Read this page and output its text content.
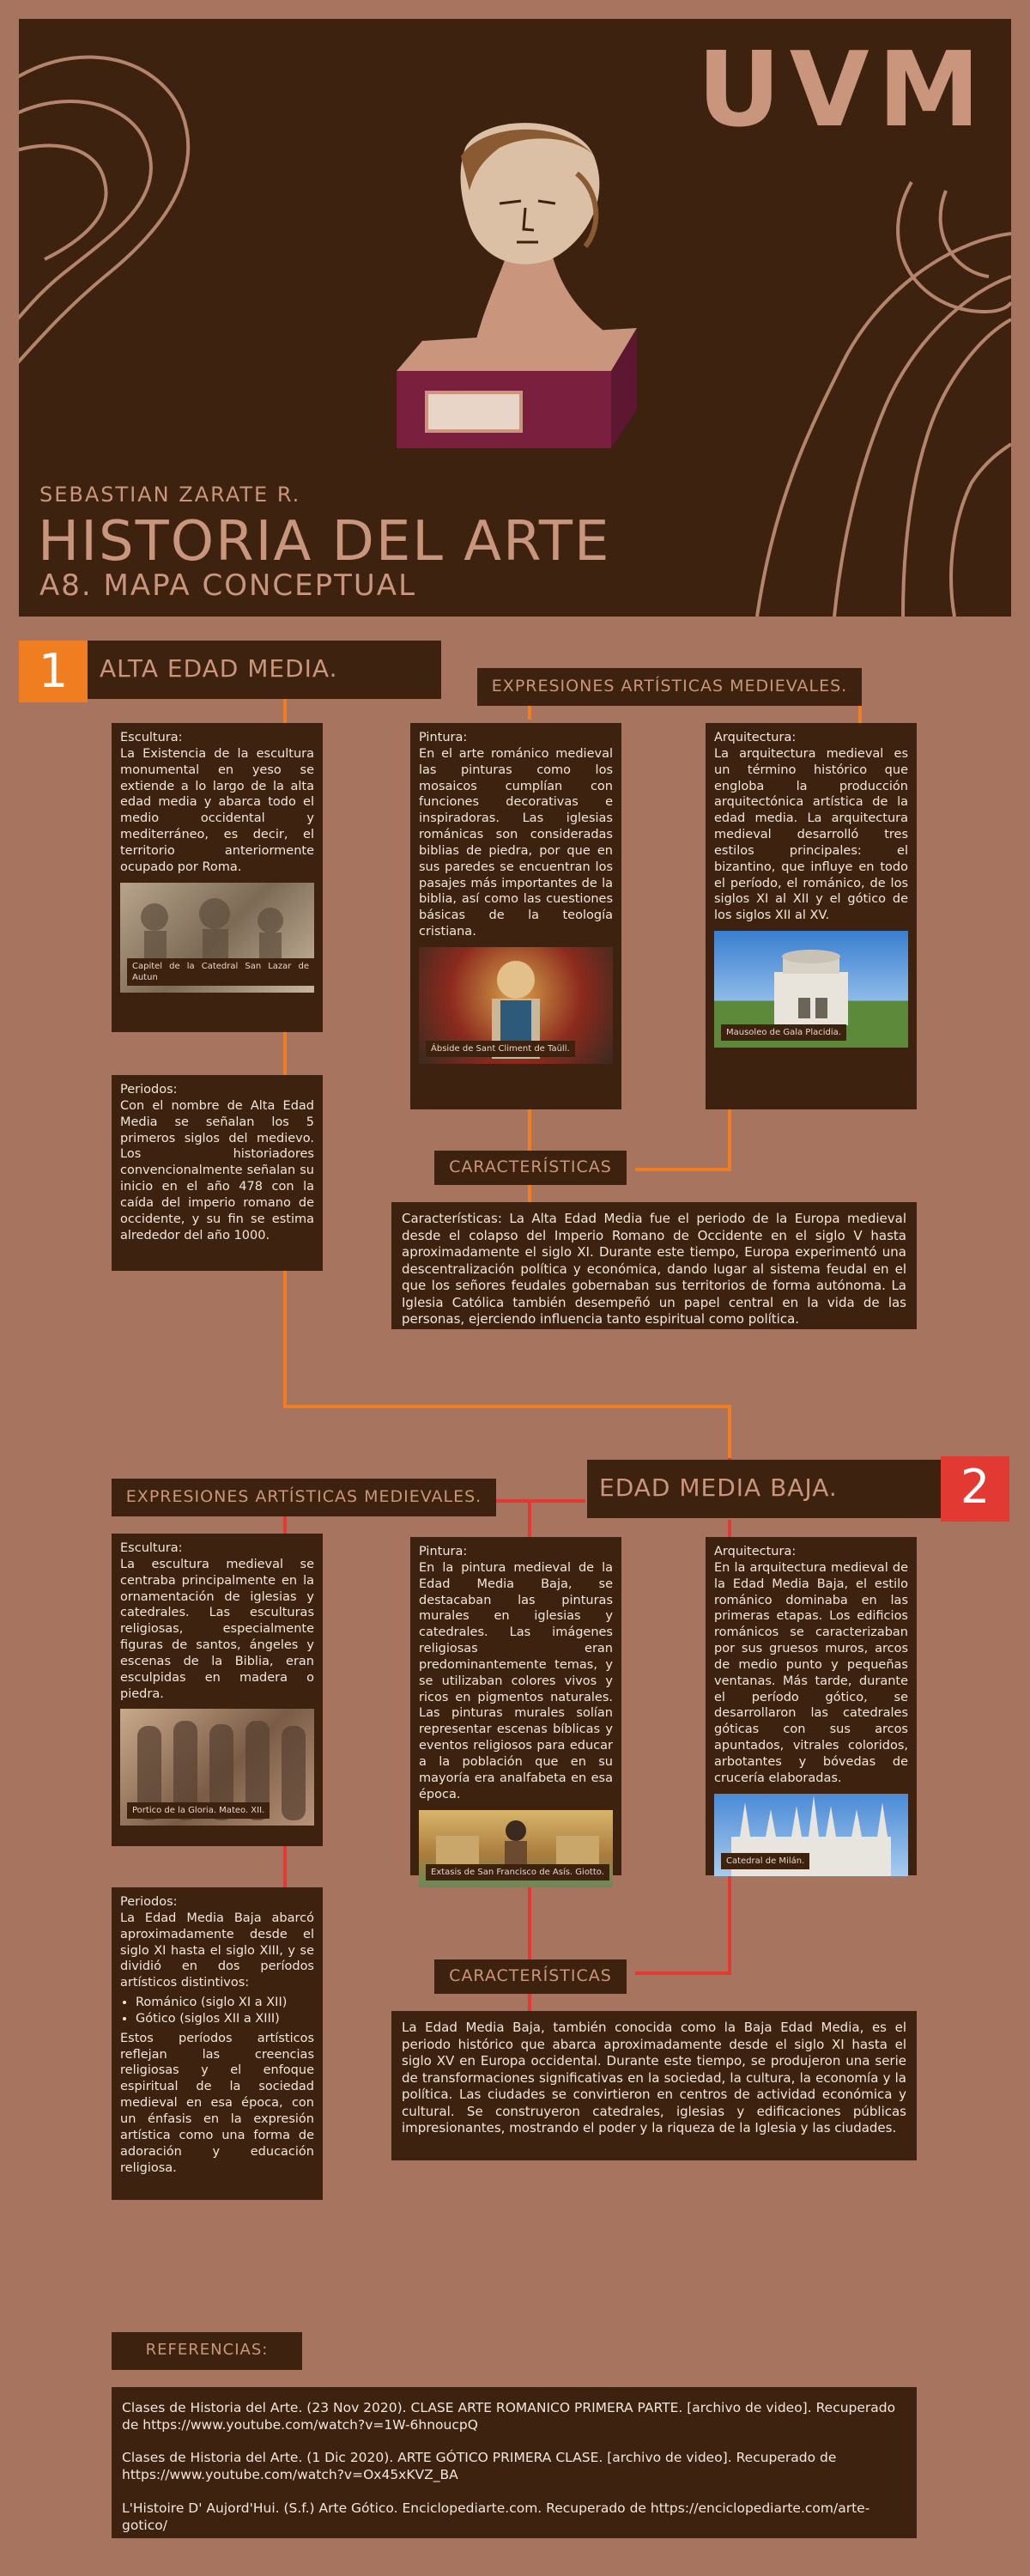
UVM
SEBASTIAN ZARATE R.
HISTORIA DEL ARTE
A8. MAPA CONCEPTUAL
1	ALTA EDAD MEDIA.
EXPRESIONES ARTÍSTICAS MEDIEVALES.
Escultura:
La Existencia de la escultura monumental en yeso se extiende a lo largo de la alta edad media y abarca todo el medio occidental y mediterráneo, es decir, el territorio anteriormente ocupado por Roma.
Capitel de la Catedral San Lazar de Autun
Pintura:
En el arte románico medieval las pinturas como los mosaicos cumplían con funciones decorativas e inspiradoras. Las iglesias románicas son consideradas biblias de piedra, por que en sus paredes se encuentran los pasajes más importantes de la biblia, así como las cuestiones básicas de la teología cristiana.
Ábside de Sant Climent de Taüll.
Arquitectura:
La arquitectura medieval es un término histórico que engloba la producción arquitectónica artística de la edad media. La arquitectura medieval desarrolló tres estilos principales: el bizantino, que influye en todo el período, el románico, de los siglos XI al XII y el gótico de los siglos XII al XV.
Mausoleo de Gala Placidia.
Periodos:
Con el nombre de Alta Edad Media se señalan los 5 primeros siglos del medievo. Los historiadores convencionalmente señalan su inicio en el año 478 con la caída del imperio romano de occidente, y su fin se estima alrededor del año 1000.
CARACTERÍSTICAS
Características: La Alta Edad Media fue el periodo de la Europa medieval desde el colapso del Imperio Romano de Occidente en el siglo V hasta aproximadamente el siglo XI. Durante este tiempo, Europa experimentó una descentralización política y económica, dando lugar al sistema feudal en el que los señores feudales gobernaban sus territorios de forma autónoma. La Iglesia Católica también desempeñó un papel central en la vida de las personas, ejerciendo influencia tanto espiritual como política.
EXPRESIONES ARTÍSTICAS MEDIEVALES.	EDAD MEDIA BAJA.	2
Escultura:
La escultura medieval se centraba principalmente en la ornamentación de iglesias y catedrales. Las esculturas religiosas, especialmente figuras de santos, ángeles y escenas de la Biblia, eran esculpidas en madera o piedra.
Portico de la Gloria. Mateo. XII.
Pintura:
En la pintura medieval de la Edad Media Baja, se destacaban las pinturas murales en iglesias y catedrales. Las imágenes religiosas eran predominantemente temas, y se utilizaban colores vivos y ricos en pigmentos naturales. Las pinturas murales solían representar escenas bíblicas y eventos religiosos para educar a la población que en su mayoría era analfabeta en esa época.
Extasis de San Francisco de Asís. Giotto.
Arquitectura:
En la arquitectura medieval de la Edad Media Baja, el estilo románico dominaba en las primeras etapas. Los edificios románicos se caracterizaban por sus gruesos muros, arcos de medio punto y pequeñas ventanas. Más tarde, durante el período gótico, se desarrollaron las catedrales góticas con sus arcos apuntados, vitrales coloridos, arbotantes y bóvedas de crucería elaboradas.
Catedral de Milán.
Periodos:
La Edad Media Baja abarcó aproximadamente desde el siglo XI hasta el siglo XIII, y se dividió en dos períodos artísticos distintivos:
• Románico (siglo XI a XII)
• Gótico (siglos XII a XIII)
Estos períodos artísticos reflejan las creencias religiosas y el enfoque espiritual de la sociedad medieval en esa época, con un énfasis en la expresión artística como una forma de adoración y educación religiosa.
CARACTERÍSTICAS
La Edad Media Baja, también conocida como la Baja Edad Media, es el periodo histórico que abarca aproximadamente desde el siglo XI hasta el siglo XV en Europa occidental. Durante este tiempo, se produjeron una serie de transformaciones significativas en la sociedad, la cultura, la economía y la política. Las ciudades se convirtieron en centros de actividad económica y cultural. Se construyeron catedrales, iglesias y edificaciones públicas impresionantes, mostrando el poder y la riqueza de la Iglesia y las ciudades.
REFERENCIAS:

Clases de Historia del Arte. (23 Nov 2020). CLASE ARTE ROMANICO PRIMERA PARTE. [archivo de video]. Recuperado de https://www.youtube.com/watch?v=1W-6hnoucpQ

Clases de Historia del Arte. (1 Dic 2020). ARTE GÓTICO PRIMERA CLASE. [archivo de video]. Recuperado de https://www.youtube.com/watch?v=Ox45xKVZ_BA

L'Histoire D' Aujord'Hui. (S.f.) Arte Gótico. Enciclopediarte.com. Recuperado de https://enciclopediarte.com/arte-gotico/
